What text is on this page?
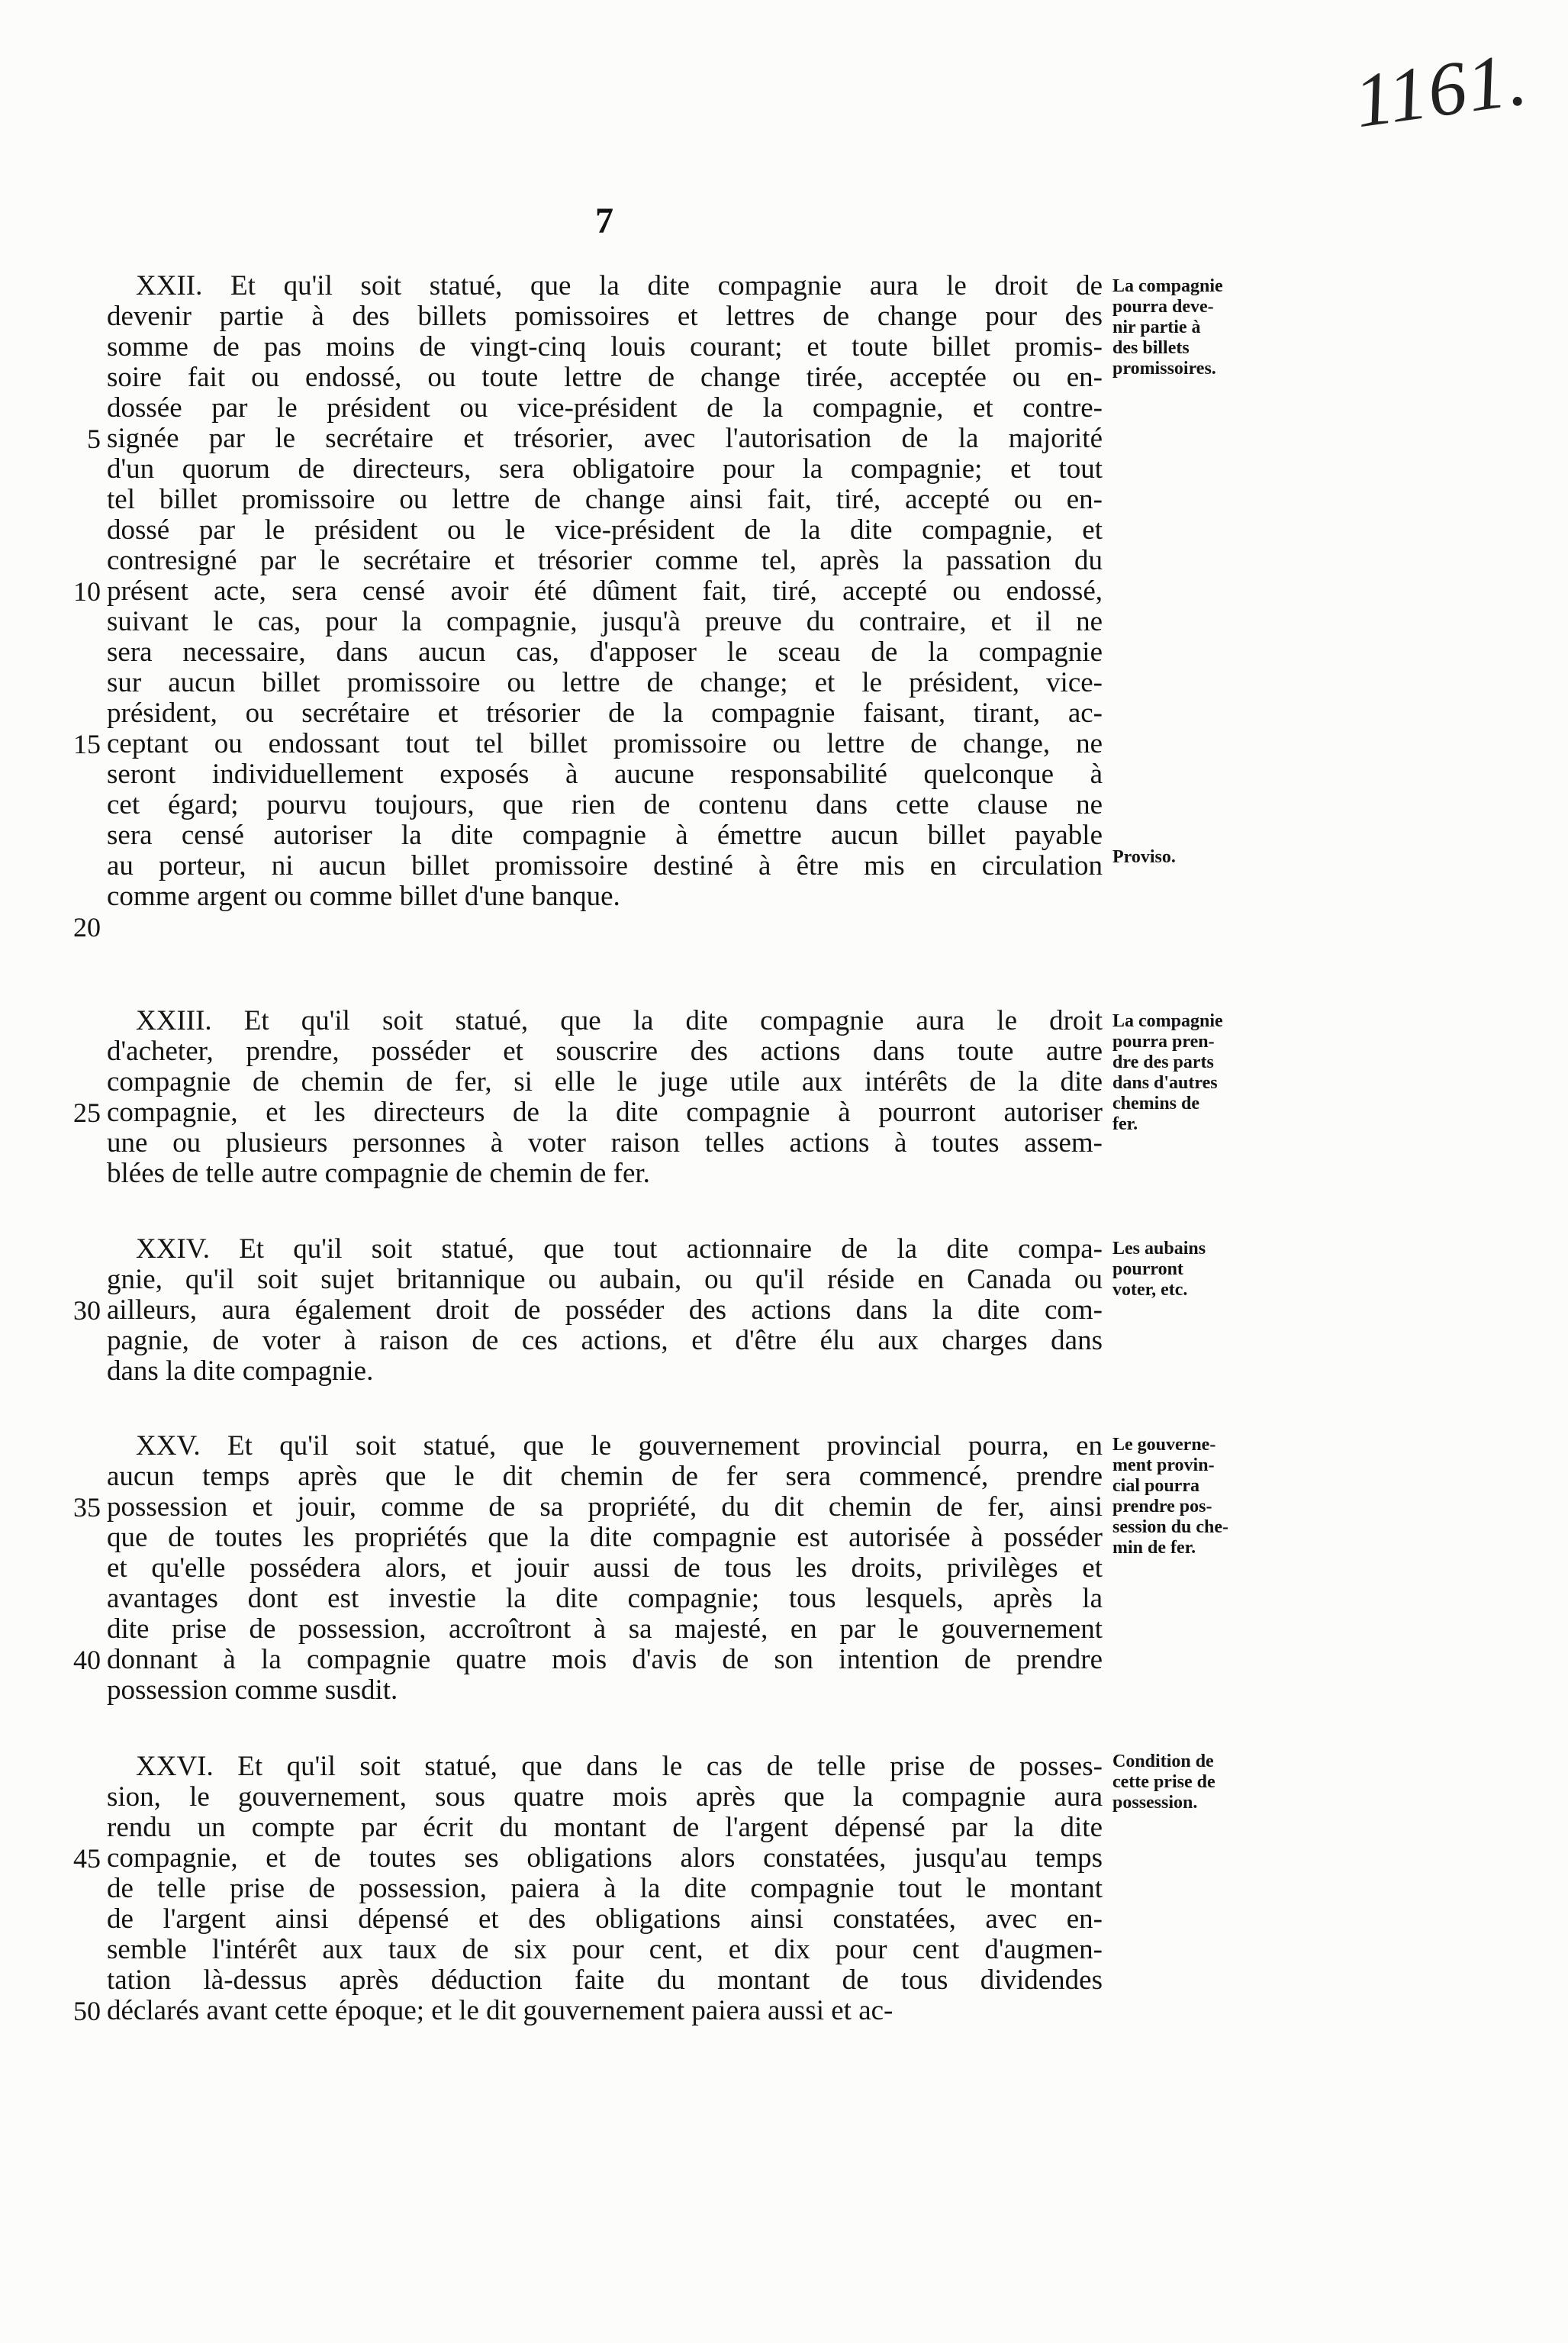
1161.
7
XXII. Et qu'il soit statué, que la dite compagnie aura le droit de
devenir partie à des billets pomissoires et lettres de change pour des
somme de pas moins de vingt-cinq louis courant; et toute billet promis-
soire fait ou endossé, ou toute lettre de change tirée, acceptée ou en-
dossée par le président ou vice-président de la compagnie, et contre-
signée par le secrétaire et trésorier, avec l'autorisation de la majorité
d'un quorum de directeurs, sera obligatoire pour la compagnie; et tout
tel billet promissoire ou lettre de change ainsi fait, tiré, accepté ou en-
dossé par le président ou le vice-président de la dite compagnie, et
contresigné par le secrétaire et trésorier comme tel, après la passation du
présent acte, sera censé avoir été dûment fait, tiré, accepté ou endossé,
suivant le cas, pour la compagnie, jusqu'à preuve du contraire, et il ne
sera necessaire, dans aucun cas, d'apposer le sceau de la compagnie
sur aucun billet promissoire ou lettre de change; et le président, vice-
président, ou secrétaire et trésorier de la compagnie faisant, tirant, ac-
ceptant ou endossant tout tel billet promissoire ou lettre de change, ne
seront individuellement exposés à aucune responsabilité quelconque à
cet égard; pourvu toujours, que rien de contenu dans cette clause ne
sera censé autoriser la dite compagnie à émettre aucun billet payable
au porteur, ni aucun billet promissoire destiné à être mis en circulation
comme argent ou comme billet d'une banque.
XXIII. Et qu'il soit statué, que la dite compagnie aura le droit
d'acheter, prendre, posséder et souscrire des actions dans toute autre
compagnie de chemin de fer, si elle le juge utile aux intérêts de la dite
compagnie, et les directeurs de la dite compagnie à pourront autoriser
une ou plusieurs personnes à voter raison telles actions à toutes assem-
blées de telle autre compagnie de chemin de fer.
XXIV. Et qu'il soit statué, que tout actionnaire de la dite compa-
gnie, qu'il soit sujet britannique ou aubain, ou qu'il réside en Canada ou
ailleurs, aura également droit de posséder des actions dans la dite com-
pagnie, de voter à raison de ces actions, et d'être élu aux charges dans
dans la dite compagnie.
XXV. Et qu'il soit statué, que le gouvernement provincial pourra, en
aucun temps après que le dit chemin de fer sera commencé, prendre
possession et jouir, comme de sa propriété, du dit chemin de fer, ainsi
que de toutes les propriétés que la dite compagnie est autorisée à posséder
et qu'elle possédera alors, et jouir aussi de tous les droits, privilèges et
avantages dont est investie la dite compagnie; tous lesquels, après la
dite prise de possession, accroîtront à sa majesté, en par le gouvernement
donnant à la compagnie quatre mois d'avis de son intention de prendre
possession comme susdit.
XXVI. Et qu'il soit statué, que dans le cas de telle prise de posses-
sion, le gouvernement, sous quatre mois après que la compagnie aura
rendu un compte par écrit du montant de l'argent dépensé par la dite
compagnie, et de toutes ses obligations alors constatées, jusqu'au temps
de telle prise de possession, paiera à la dite compagnie tout le montant
de l'argent ainsi dépensé et des obligations ainsi constatées, avec en-
semble l'intérêt aux taux de six pour cent, et dix pour cent d'augmen-
tation là-dessus après déduction faite du montant de tous dividendes
déclarés avant cette époque; et le dit gouvernement paiera aussi et ac-
5
10
15
20
25
30
35
40
45
50
La compagnie
pourra deve-
nir partie à
des billets
promissoires.
Proviso.
La compagnie
pourra pren-
dre des parts
dans d'autres
chemins de
fer.
Les aubains
pourront
voter, etc.
Le gouverne-
ment provin-
cial pourra
prendre pos-
session du che-
min de fer.
Condition de
cette prise de
possession.
